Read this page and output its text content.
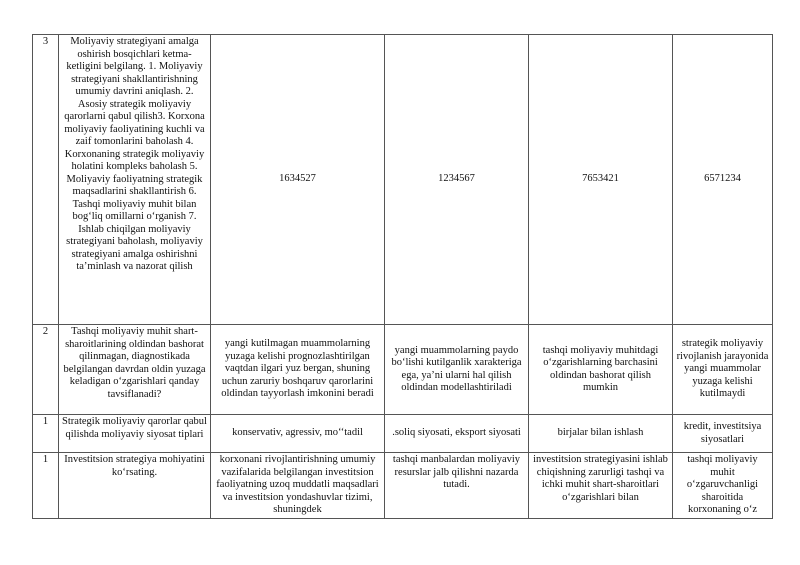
3	Moliyaviy strategiyani amalga oshirish bosqichlari ketma-ketligini belgilang. 1. Moliyaviy strategiyani shakllantirishning umumiy davrini aniqlash. 2. Asosiy strategik moliyaviy qarorlarni qabul qilish3. Korxona moliyaviy faoliyatining kuchli va zaif tomonlarini baholash 4. Korxonaning strategik moliyaviy holatini kompleks baholash 5. Moliyaviy faoliyatning strategik maqsadlarini shakllantirish 6. Tashqi moliyaviy muhit bilan bog‘liq omillarni o‘rganish 7. Ishlab chiqilgan moliyaviy strategiyani baholash, moliyaviy strategiyani amalga oshirishni ta’minlash va nazorat qilish	1634527	1234567	7653421	6571234
2	Tashqi moliyaviy muhit shart-sharoitlarining oldindan bashorat qilinmagan, diagnostikada belgilangan davrdan oldin yuzaga keladigan o‘zgarishlari qanday tavsiflanadi?	yangi kutilmagan muammolarning yuzaga kelishi prognozlashtirilgan vaqtdan ilgari yuz bergan, shuning uchun zaruriy boshqaruv qarorlarini oldindan tayyorlash imkonini beradi	yangi muammolarning paydo bo‘lishi kutilganlik xarakteriga ega, ya’ni ularni hal qilish oldindan modellashtiriladi	tashqi moliyaviy muhitdagi o‘zgarishlarning barchasini oldindan bashorat qilish mumkin	strategik moliyaviy rivojlanish jarayonida yangi muammolar yuzaga kelishi kutilmaydi
1	Strategik moliyaviy qarorlar qabul qilishda moliyaviy siyosat tiplari	konservativ, agressiv, mo‘‘tadil	.soliq siyosati, eksport siyosati	birjalar bilan ishlash	kredit, investitsiya siyosatlari
1	Investitsion strategiya mohiyatini ko‘rsating.	korxonani rivojlantirishning umumiy vazifalarida belgilangan investitsion faoliyatning uzoq muddatli maqsadlari va investitsion yondashuvlar tizimi, shuningdek	tashqi manbalardan moliyaviy resurslar jalb qilishni nazarda tutadi.	investitsion strategiyasini ishlab chiqishning zarurligi tashqi va ichki muhit shart-sharoitlari o‘zgarishlari bilan	tashqi moliyaviy muhit o‘zgaruvchanligi sharoitida korxonaning o‘z
